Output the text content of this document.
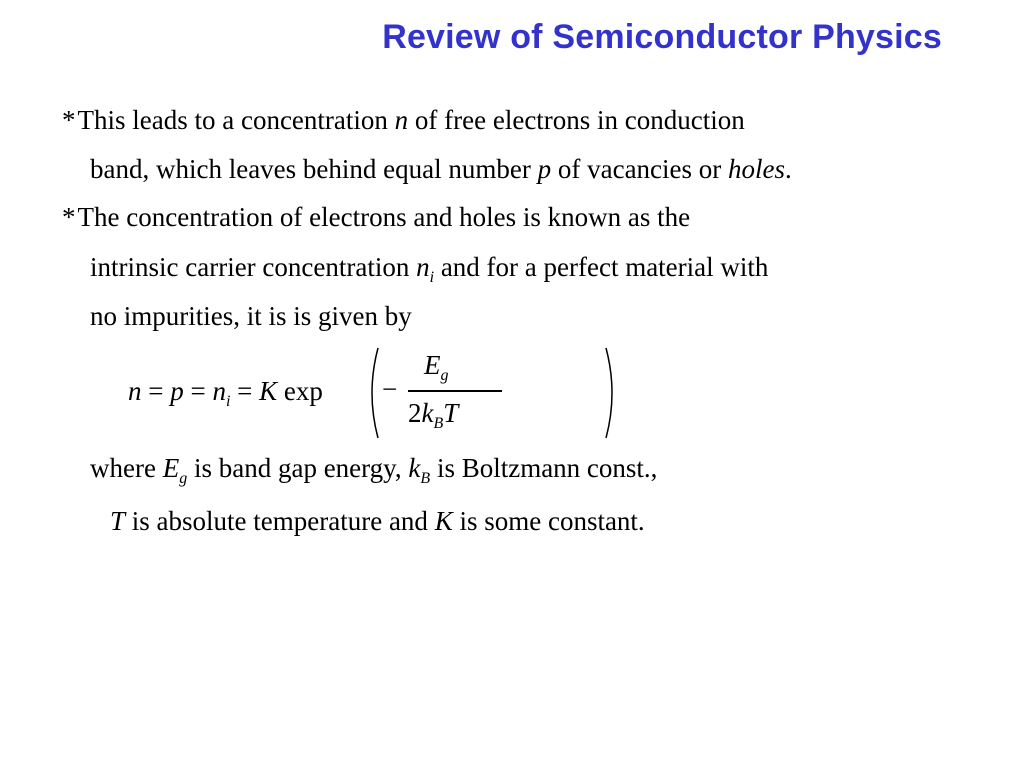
Review of Semiconductor Physics
*This leads to a concentration n of free electrons in conduction
band, which leaves behind equal number p of vacancies or holes.
*The concentration of electrons and holes is known as the
intrinsic carrier concentration $n_i$ and for a perfect material with
no impurities, it is is given by
$n = p = n_i = K$ exp −
$E_g$
$2k_BT$
where $E_g$ is band gap energy, $k_B$ is Boltzmann const.,
T is absolute temperature and K is some constant.
